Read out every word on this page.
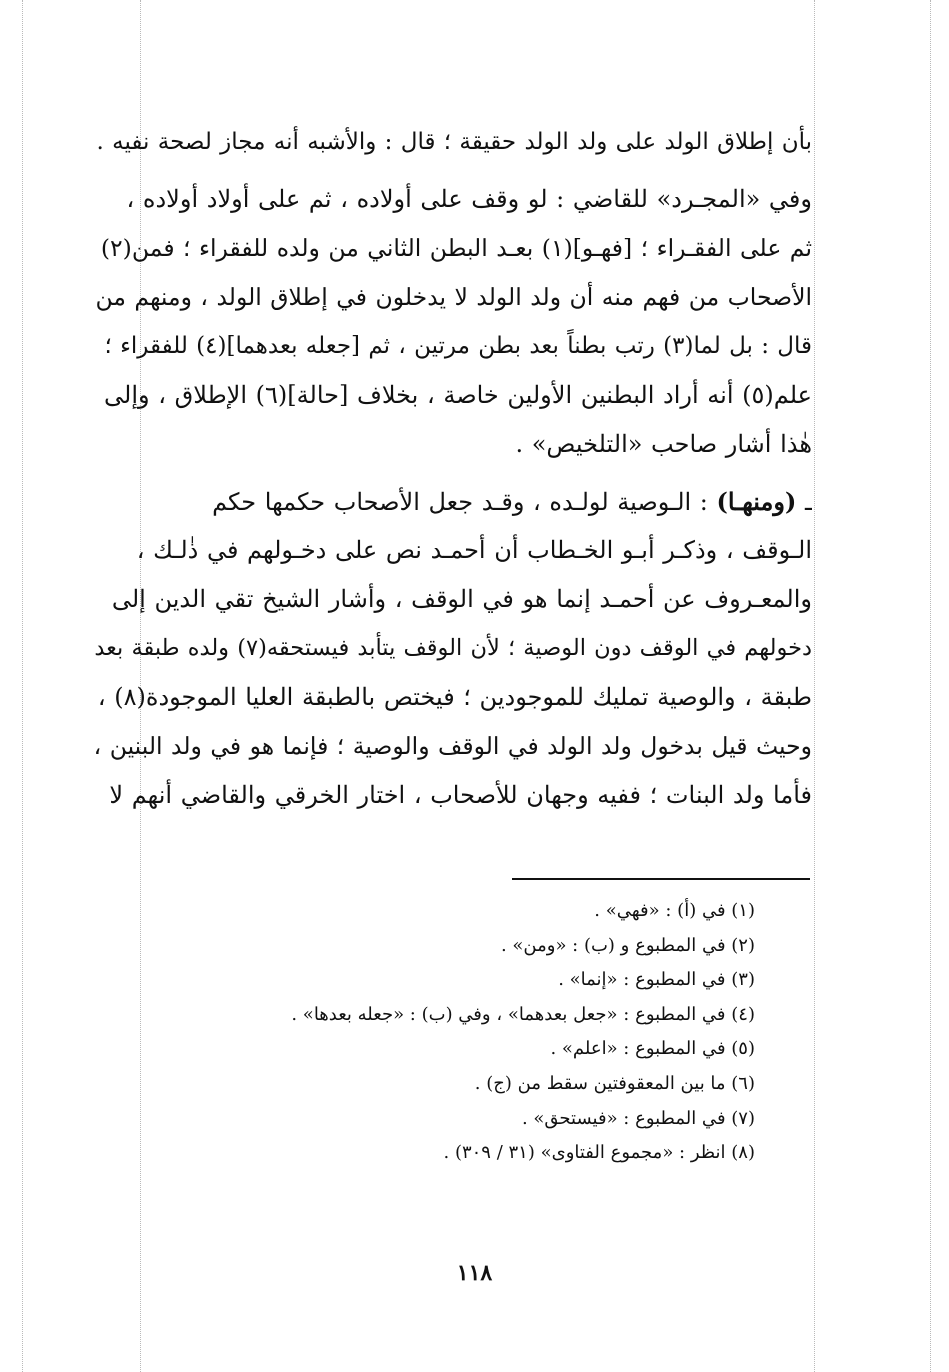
بأن إطلاق الولد على ولد الولد حقيقة ؛ قال : والأشبه أنه مجاز لصحة نفيه .
وفي «المجـرد» للقاضي : لو وقف على أولاده ، ثم على أولاد أولاده ،
ثم على الفقـراء ؛ [فهـو](١) بعـد البطن الثاني من ولده للفقراء ؛ فمن(٢)
الأصحاب من فهم منه أن ولد الولد لا يدخلون في إطلاق الولد ، ومنهم من
قال : بل لما(٣) رتب بطناً بعد بطن مرتين ، ثم [جعله بعدهما](٤) للفقراء ؛
علم(٥) أنه أراد البطنين الأولين خاصة ، بخلاف [حالة](٦) الإطلاق ، وإلى
هٰذا أشار صاحب «التلخيص» .
ـ (ومنهـا) : الـوصية لولـده ، وقـد جعل الأصحاب حكمها حكم
الـوقف ، وذكـر أبـو الخـطاب أن أحمـد نص على دخـولهم في ذٰلـك ،
والمعـروف عن أحمـد إنما هو في الوقف ، وأشار الشيخ تقي الدين إلى
دخولهم في الوقف دون الوصية ؛ لأن الوقف يتأبد فيستحقه(٧) ولده طبقة بعد
طبقة ، والوصية تمليك للموجودين ؛ فيختص بالطبقة العليا الموجودة(٨) ،
وحيث قيل بدخول ولد الولد في الوقف والوصية ؛ فإنما هو في ولد البنين ،
فأما ولد البنات ؛ ففيه وجهان للأصحاب ، اختار الخرقي والقاضي أنهم لا
(١) في (أ) : «فهي» .
(٢) في المطبوع و (ب) : «ومن» .
(٣) في المطبوع : «إنما» .
(٤) في المطبوع : «جعل بعدهما» ، وفي (ب) : «جعله بعدها» .
(٥) في المطبوع : «اعلم» .
(٦) ما بين المعقوفتين سقط من (ج) .
(٧) في المطبوع : «فيستحق» .
(٨) انظر : «مجموع الفتاوى» (٣١ / ٣٠٩) .
١١٨
